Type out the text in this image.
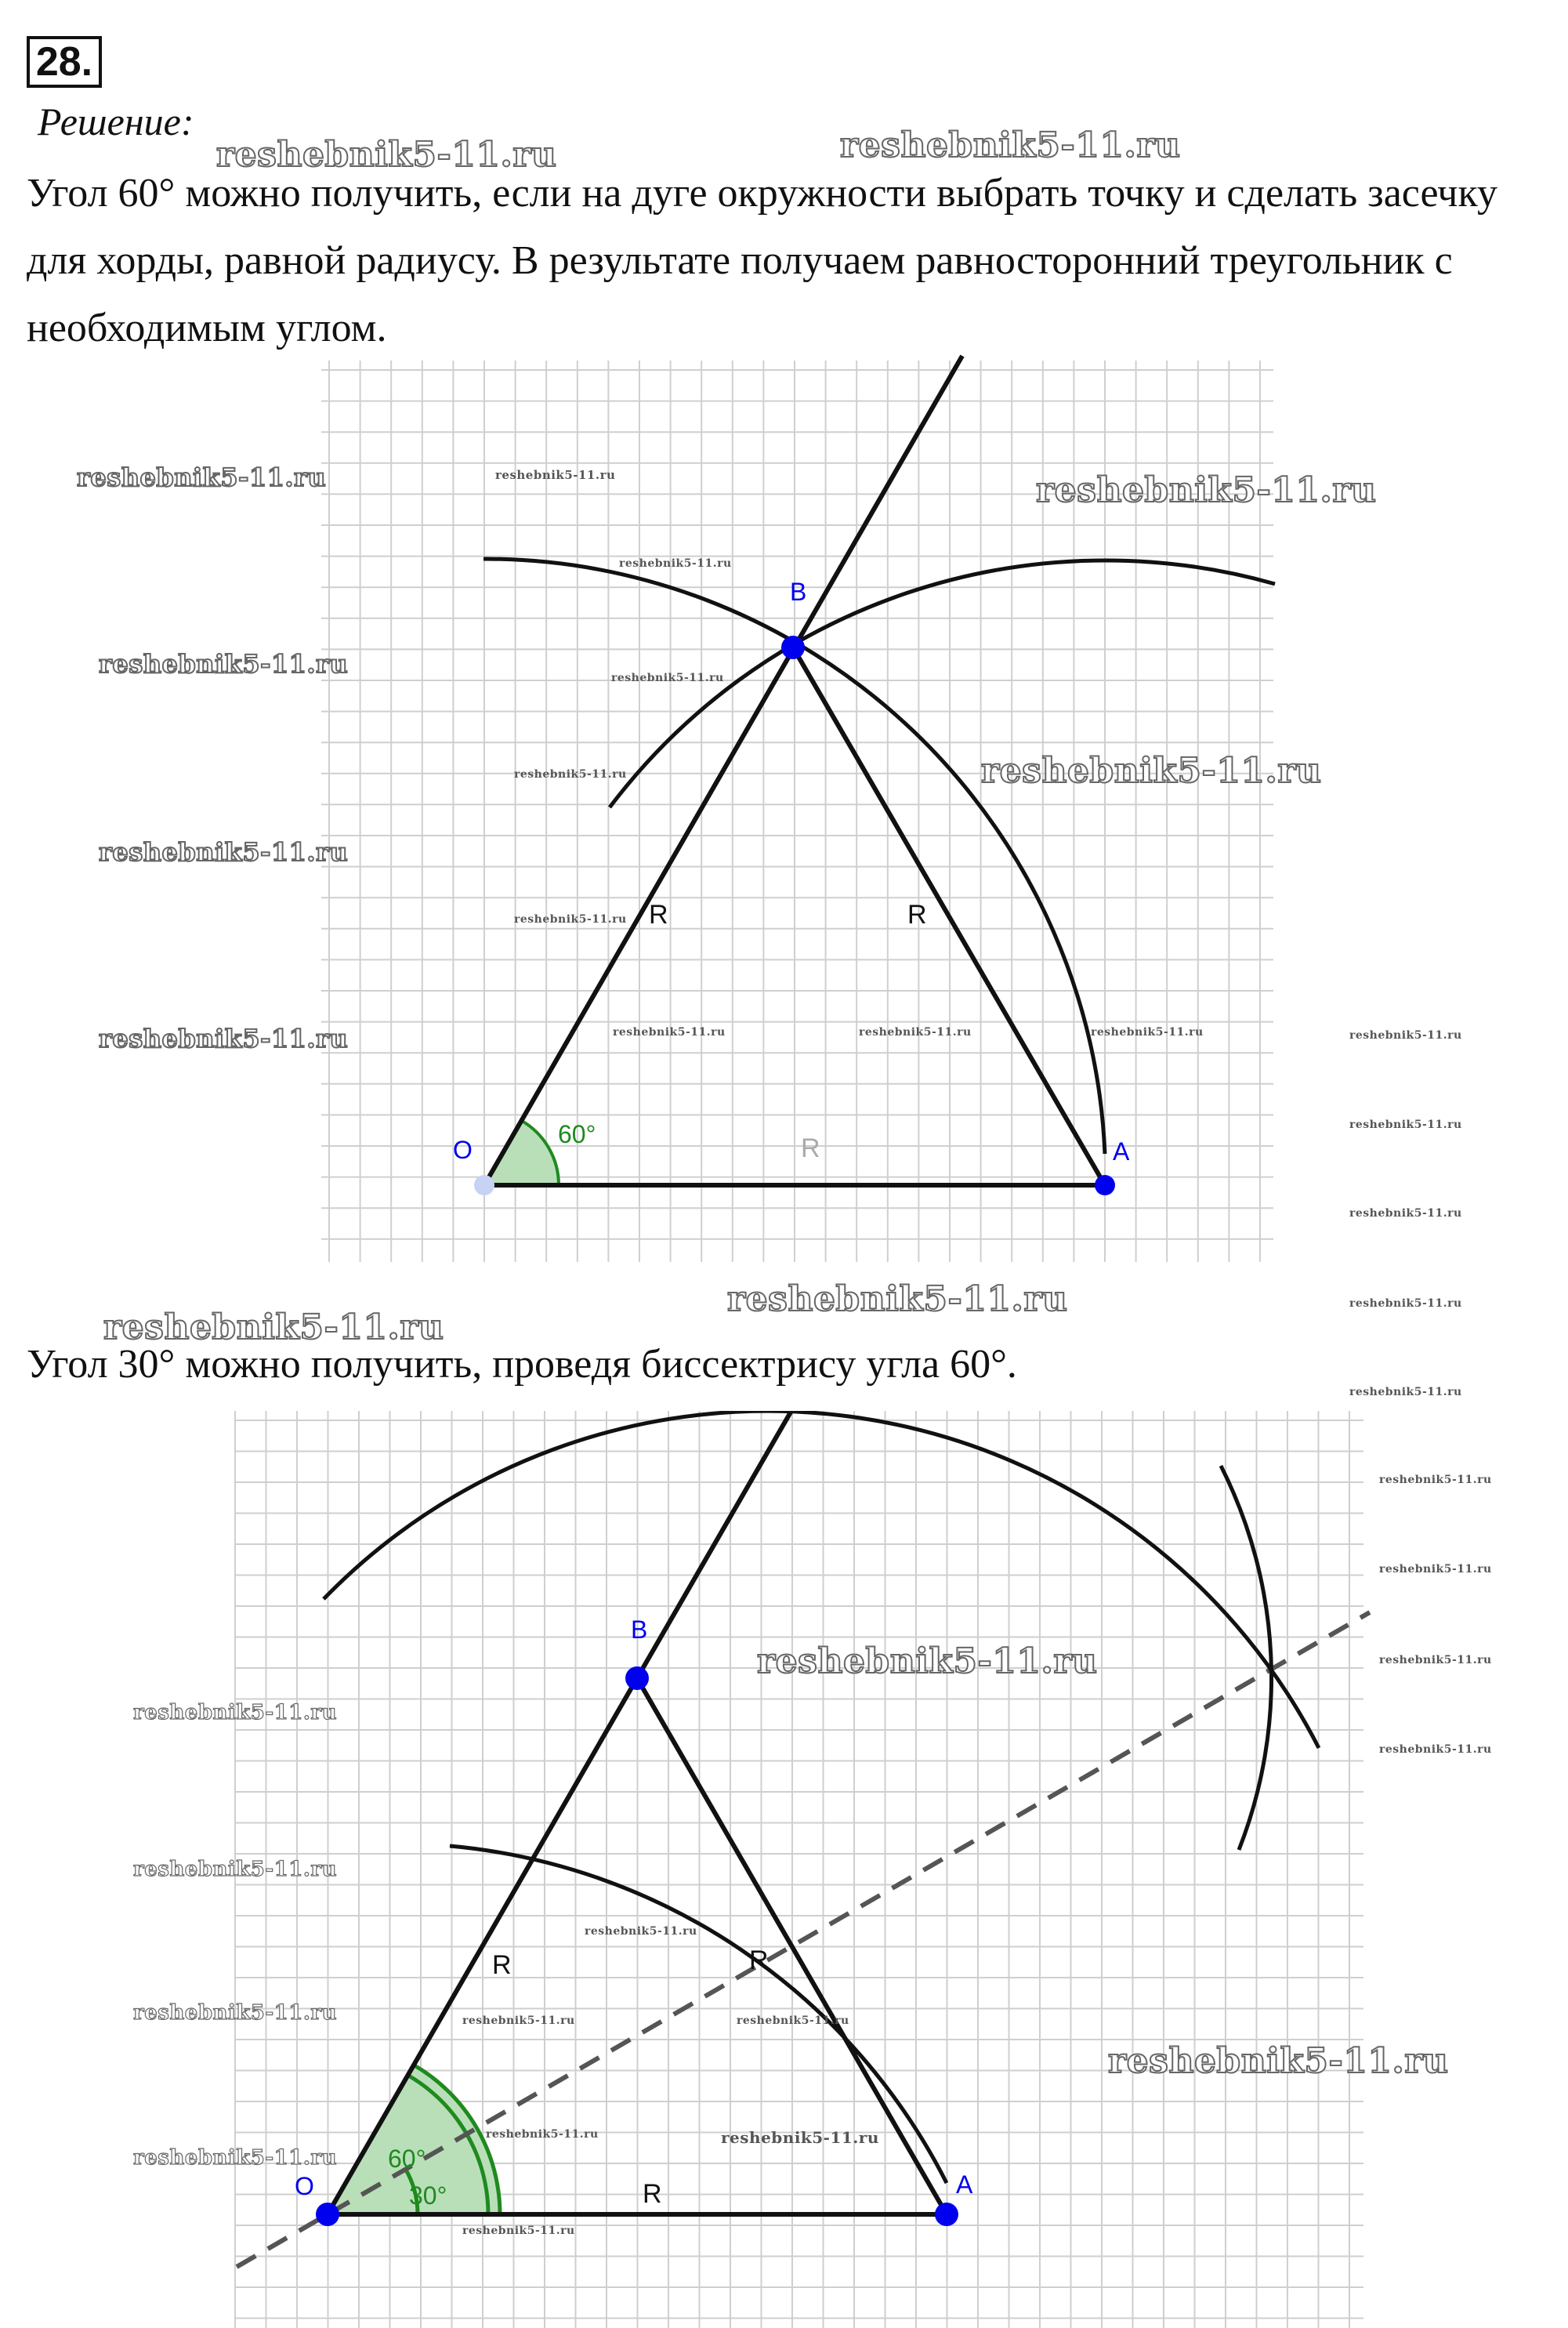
28.
Решение:

Угол 60° можно получить, если на дуге окружности выбрать точку и сделать засечку для хорды, равной радиусу. В результате получаем равносторонний треугольник с необходимым углом.

O	A
B
R	R
R
60°

Угол 30° можно получить, проведя биссектрису угла 60°.

O	A
B
R	R
R
60°
30°
reshebnik5-11.ru	reshebnik5-11.ru
reshebnik5-11.ru	reshebnik5-11.ru	reshebnik5-11.ru
reshebnik5-11.ru
reshebnik5-11.ru	reshebnik5-11.ru
reshebnik5-11.ru
reshebnik5-11.ru
reshebnik5-11.ru
reshebnik5-11.ru
reshebnik5-11.ru	reshebnik5-11.ru	reshebnik5-11.ru	reshebnik5-11.ru	reshebnik5-11.ru
reshebnik5-11.ru
reshebnik5-11.ru
reshebnik5-11.ru	reshebnik5-11.ru
reshebnik5-11.ru
reshebnik5-11.ru
reshebnik5-11.ru
reshebnik5-11.ru
reshebnik5-11.ru	reshebnik5-11.ru
reshebnik5-11.ru
reshebnik5-11.ru
reshebnik5-11.ru
reshebnik5-11.ru
reshebnik5-11.ru	reshebnik5-11.ru	reshebnik5-11.ru
reshebnik5-11.ru
reshebnik5-11.ru
reshebnik5-11.ru	reshebnik5-11.ru
reshebnik5-11.ru
